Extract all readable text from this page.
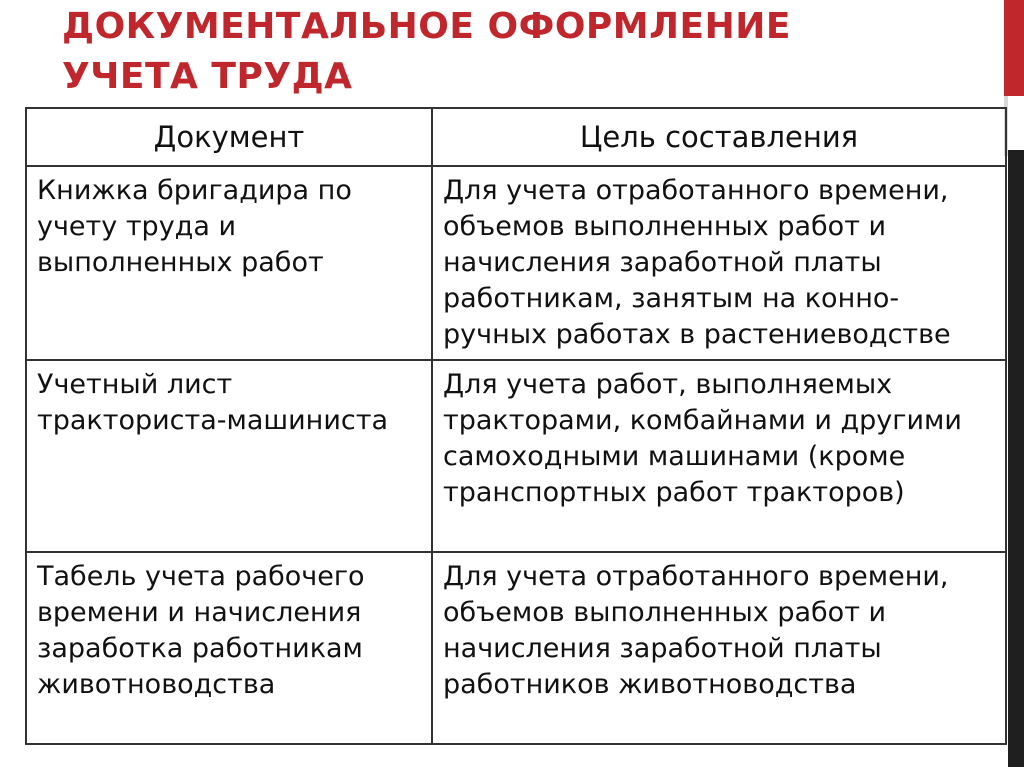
ДОКУМЕНТАЛЬНОЕ ОФОРМЛЕНИЕ
УЧЕТА ТРУДА
Документ	Цель составления
Книжка бригадира по учету труда и выполненных работ	Для учета отработанного времени, объемов выполненных работ и начисления заработной платы работникам, занятым на конно-ручных работах в растениеводстве
Учетный лист тракториста-машиниста	Для учета работ, выполняемых тракторами, комбайнами и другими самоходными машинами (кроме транспортных работ тракторов)
Табель учета рабочего времени и начисления заработка работникам животноводства	Для учета отработанного времени, объемов выполненных работ и начисления заработной платы работников животноводства
